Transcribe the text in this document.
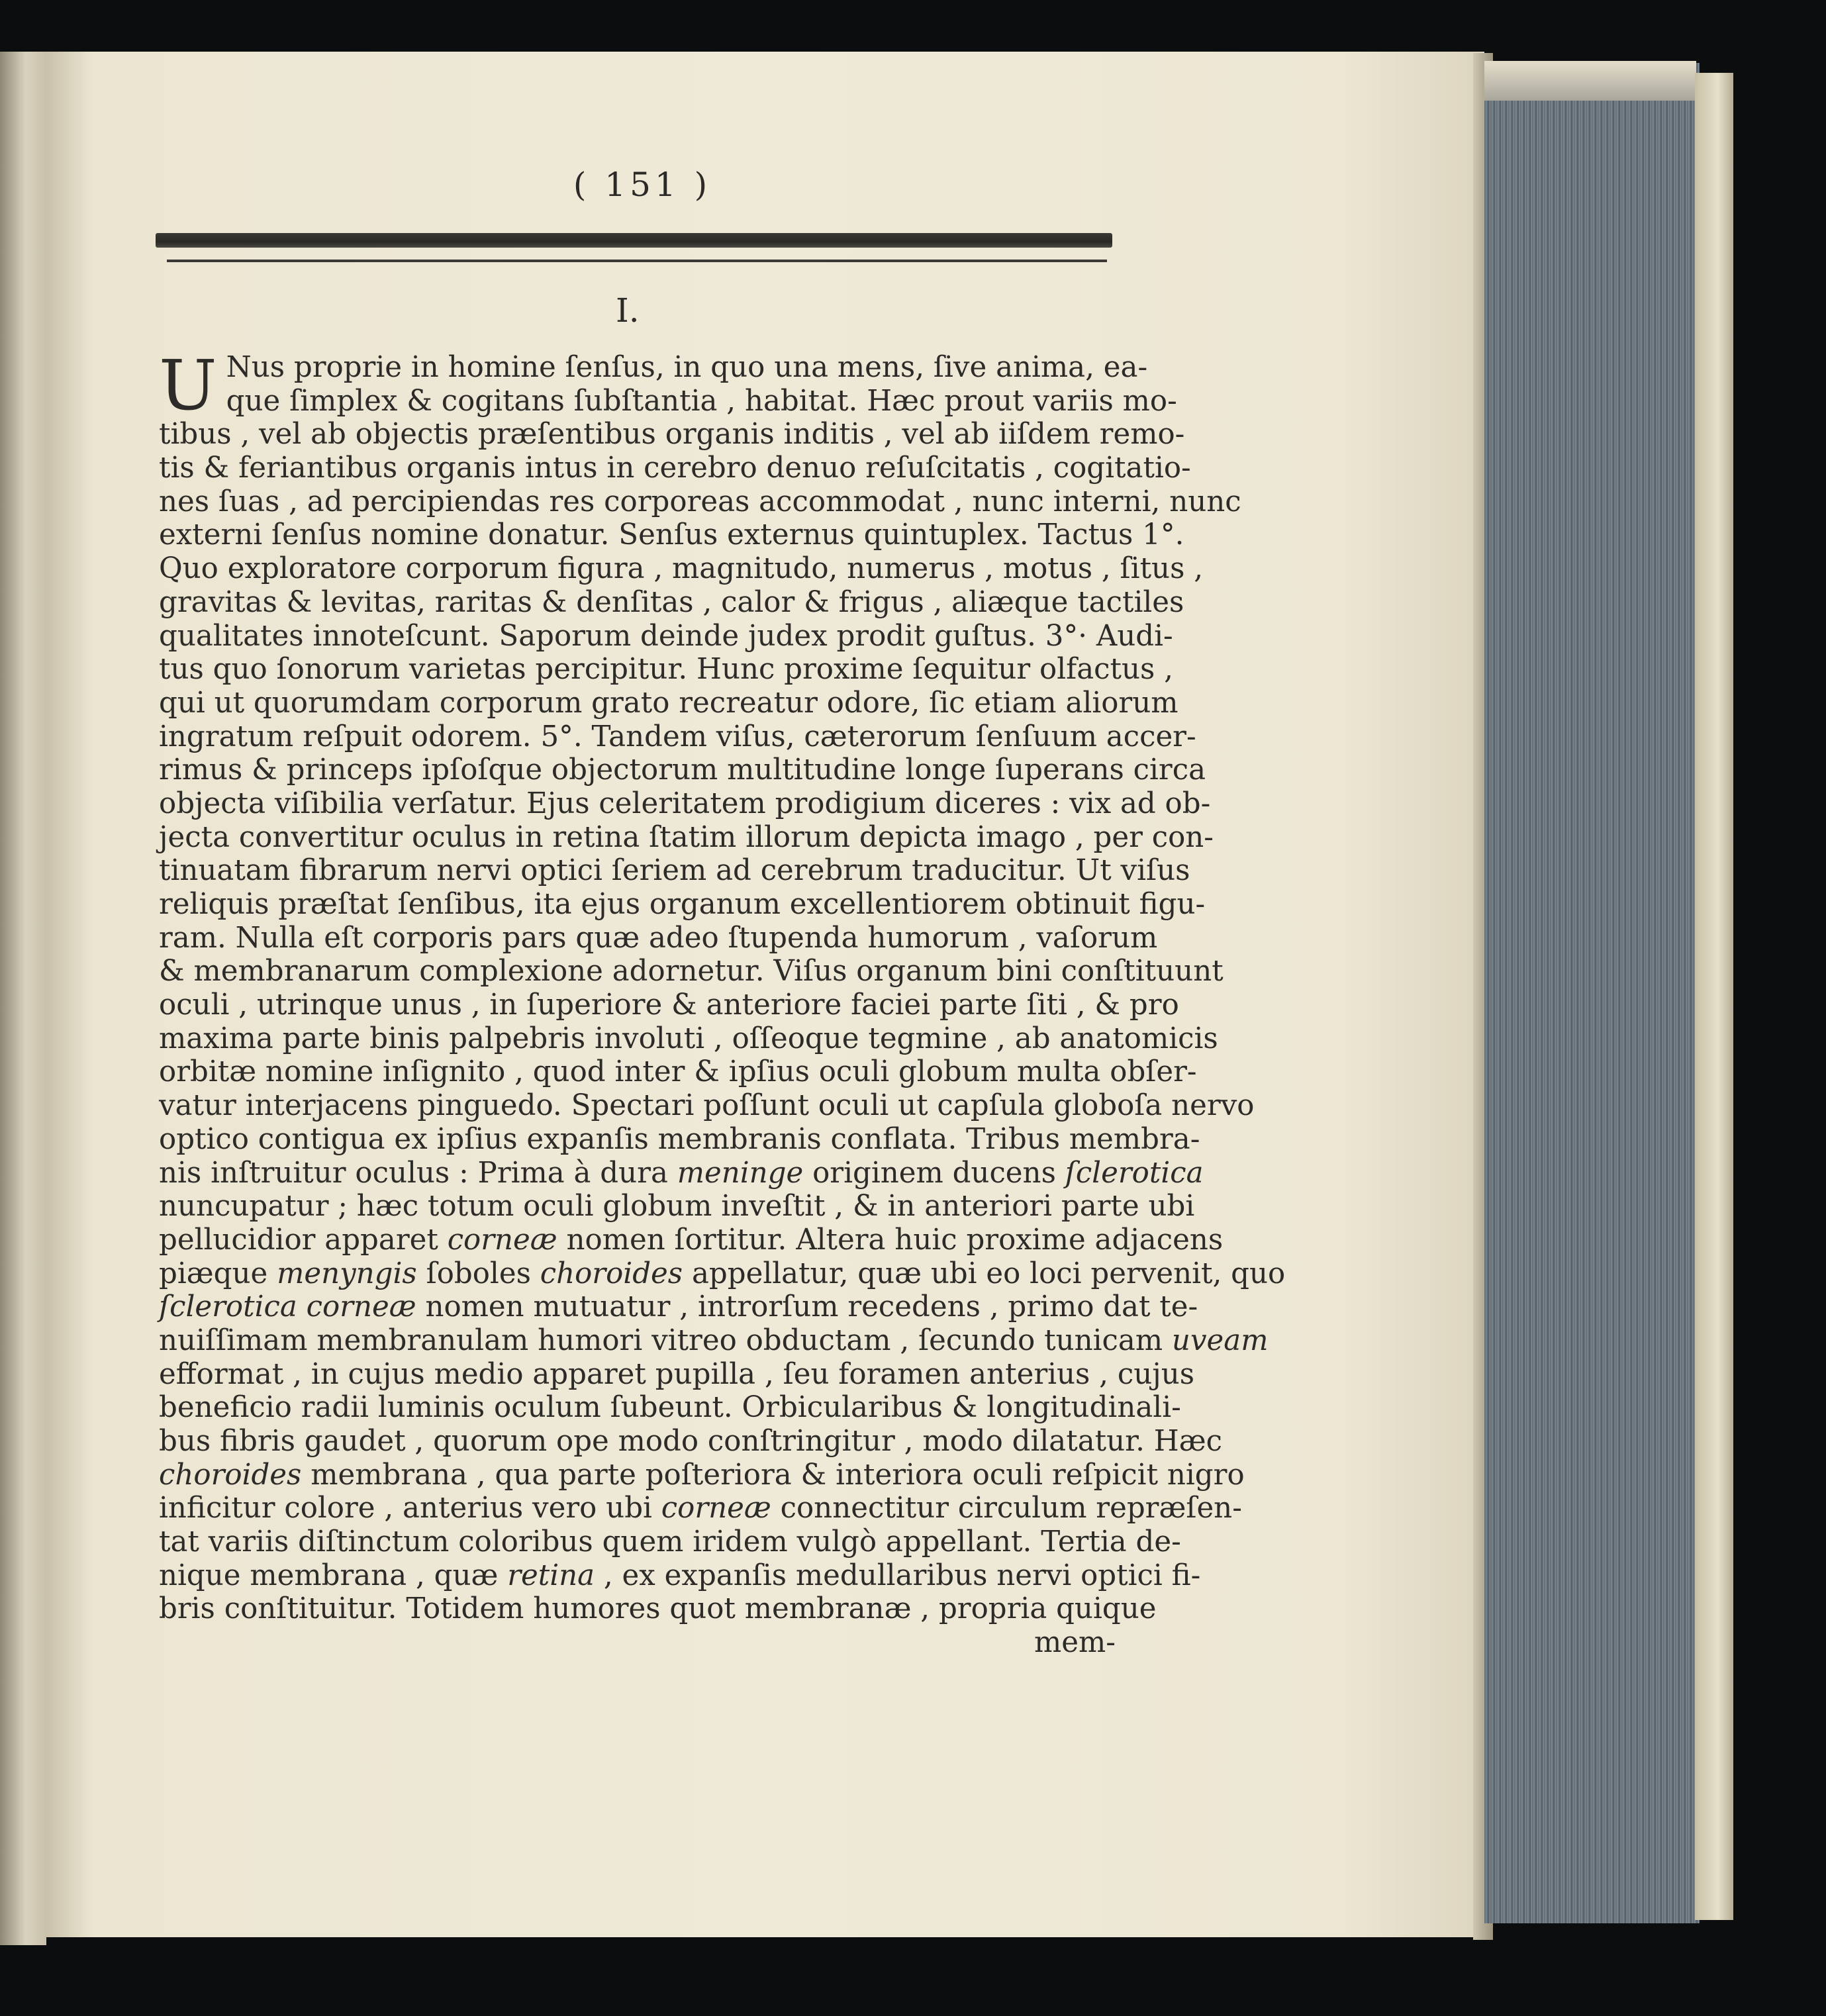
( 151 )
I.
U Nus proprie in homine ſenſus, in quo una mens, ſive anima, ea-
que ſimplex & cogitans ſubſtantia , habitat. Hæc prout variis mo-
tibus , vel ab objectis præſentibus organis inditis , vel ab iiſdem remo-
tis & feriantibus organis intus in cerebro denuo reſuſcitatis , cogitatio-
nes ſuas , ad percipiendas res corporeas accommodat , nunc interni, nunc
externi ſenſus nomine donatur. Senſus externus quintuplex. Tactus 1°.
Quo exploratore corporum figura , magnitudo, numerus , motus , ſitus ,
gravitas & levitas, raritas & denſitas , calor & frigus , aliæque tactiles
qualitates innoteſcunt. Saporum deinde judex prodit guſtus. 3°· Audi-
tus quo ſonorum varietas percipitur. Hunc proxime ſequitur olfactus ,
qui ut quorumdam corporum grato recreatur odore, ſic etiam aliorum
ingratum reſpuit odorem. 5°. Tandem viſus, cæterorum ſenſuum accer-
rimus & princeps ipſoſque objectorum multitudine longe ſuperans circa
objecta viſibilia verſatur. Ejus celeritatem prodigium diceres : vix ad ob-
jecta convertitur oculus in retina ſtatim illorum depicta imago , per con-
tinuatam fibrarum nervi optici ſeriem ad cerebrum traducitur. Ut viſus
reliquis præſtat ſenſibus, ita ejus organum excellentiorem obtinuit figu-
ram. Nulla eſt corporis pars quæ adeo ſtupenda humorum , vaſorum
& membranarum complexione adornetur. Viſus organum bini conſtituunt
oculi , utrinque unus , in ſuperiore & anteriore faciei parte ſiti , & pro
maxima parte binis palpebris involuti , oſſeoque tegmine , ab anatomicis
orbitæ nomine inſignito , quod inter & ipſius oculi globum multa obſer-
vatur interjacens pinguedo. Spectari poſſunt oculi ut capſula globoſa nervo
optico contigua ex ipſius expanſis membranis conflata. Tribus membra-
nis inſtruitur oculus : Prima à dura meninge originem ducens ſclerotica
nuncupatur ; hæc totum oculi globum inveſtit , & in anteriori parte ubi
pellucidior apparet corneæ nomen ſortitur. Altera huic proxime adjacens
piæque menyngis ſoboles choroides appellatur, quæ ubi eo loci pervenit, quo
ſclerotica corneæ nomen mutuatur , introrſum recedens , primo dat te-
nuiſſimam membranulam humori vitreo obductam , ſecundo tunicam uveam
efformat , in cujus medio apparet pupilla , ſeu foramen anterius , cujus
beneficio radii luminis oculum ſubeunt. Orbicularibus & longitudinali-
bus fibris gaudet , quorum ope modo conſtringitur , modo dilatatur. Hæc
choroides membrana , qua parte poſteriora & interiora oculi reſpicit nigro
inficitur colore , anterius vero ubi corneæ connectitur circulum repræſen-
tat variis diſtinctum coloribus quem iridem vulgò appellant. Tertia de-
nique membrana , quæ retina , ex expanſis medullaribus nervi optici fi-
bris conſtituitur. Totidem humores quot membranæ , propria quique
mem-
